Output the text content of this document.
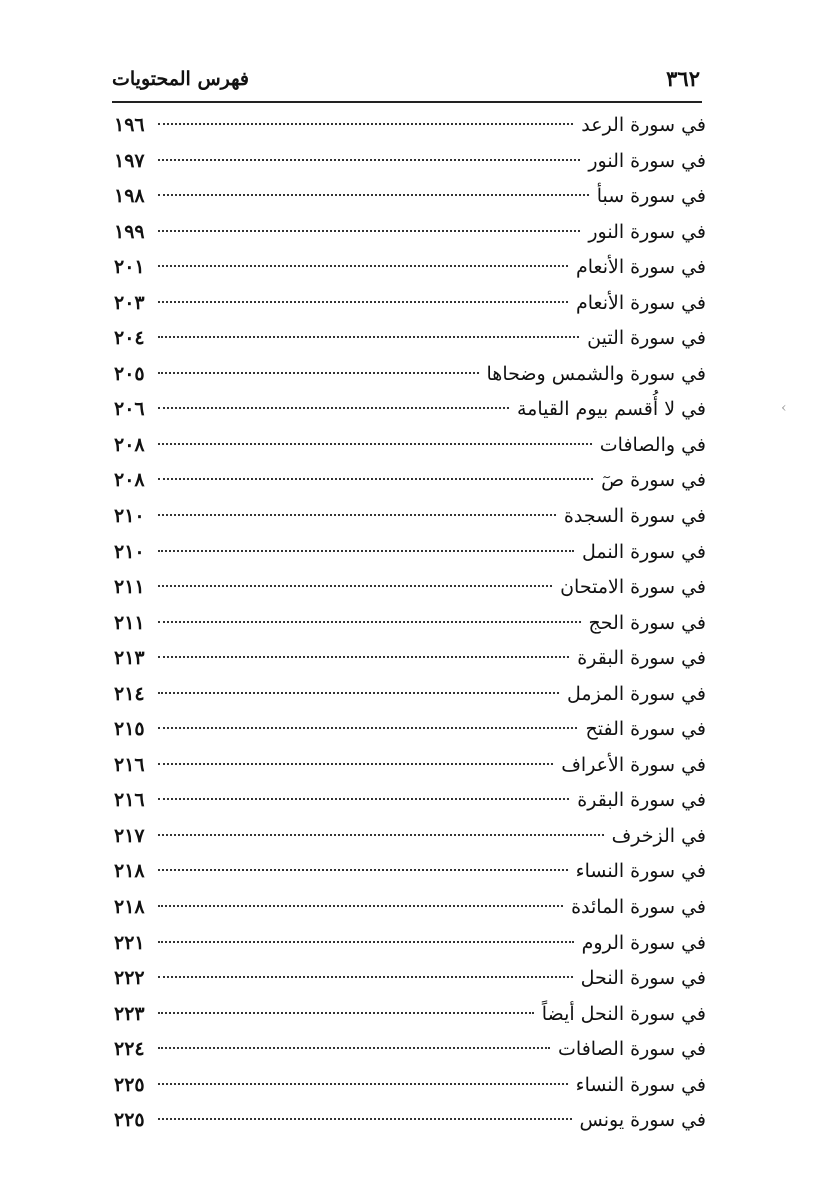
٣٦٢
فهرس المحتويات
في سورة الرعد
١٩٦
في سورة النور
١٩٧
في سورة سبأ
١٩٨
في سورة النور
١٩٩
في سورة الأنعام
٢٠١
في سورة الأنعام
٢٠٣
في سورة التين
٢٠٤
في سورة والشمس وضحاها
٢٠٥
في لا أُقسم بيوم القيامة
٢٠٦
في والصافات
٢٠٨
في سورة صٓ
٢٠٨
في سورة السجدة
٢١٠
في سورة النمل
٢١٠
في سورة الامتحان
٢١١
في سورة الحج
٢١١
في سورة البقرة
٢١٣
في سورة المزمل
٢١٤
في سورة الفتح
٢١٥
في سورة الأعراف
٢١٦
في سورة البقرة
٢١٦
في الزخرف
٢١٧
في سورة النساء
٢١٨
في سورة المائدة
٢١٨
في سورة الروم
٢٢١
في سورة النحل
٢٢٢
في سورة النحل أيضاً
٢٢٣
في سورة الصافات
٢٢٤
في سورة النساء
٢٢٥
في سورة يونس
٢٢٥
‹
